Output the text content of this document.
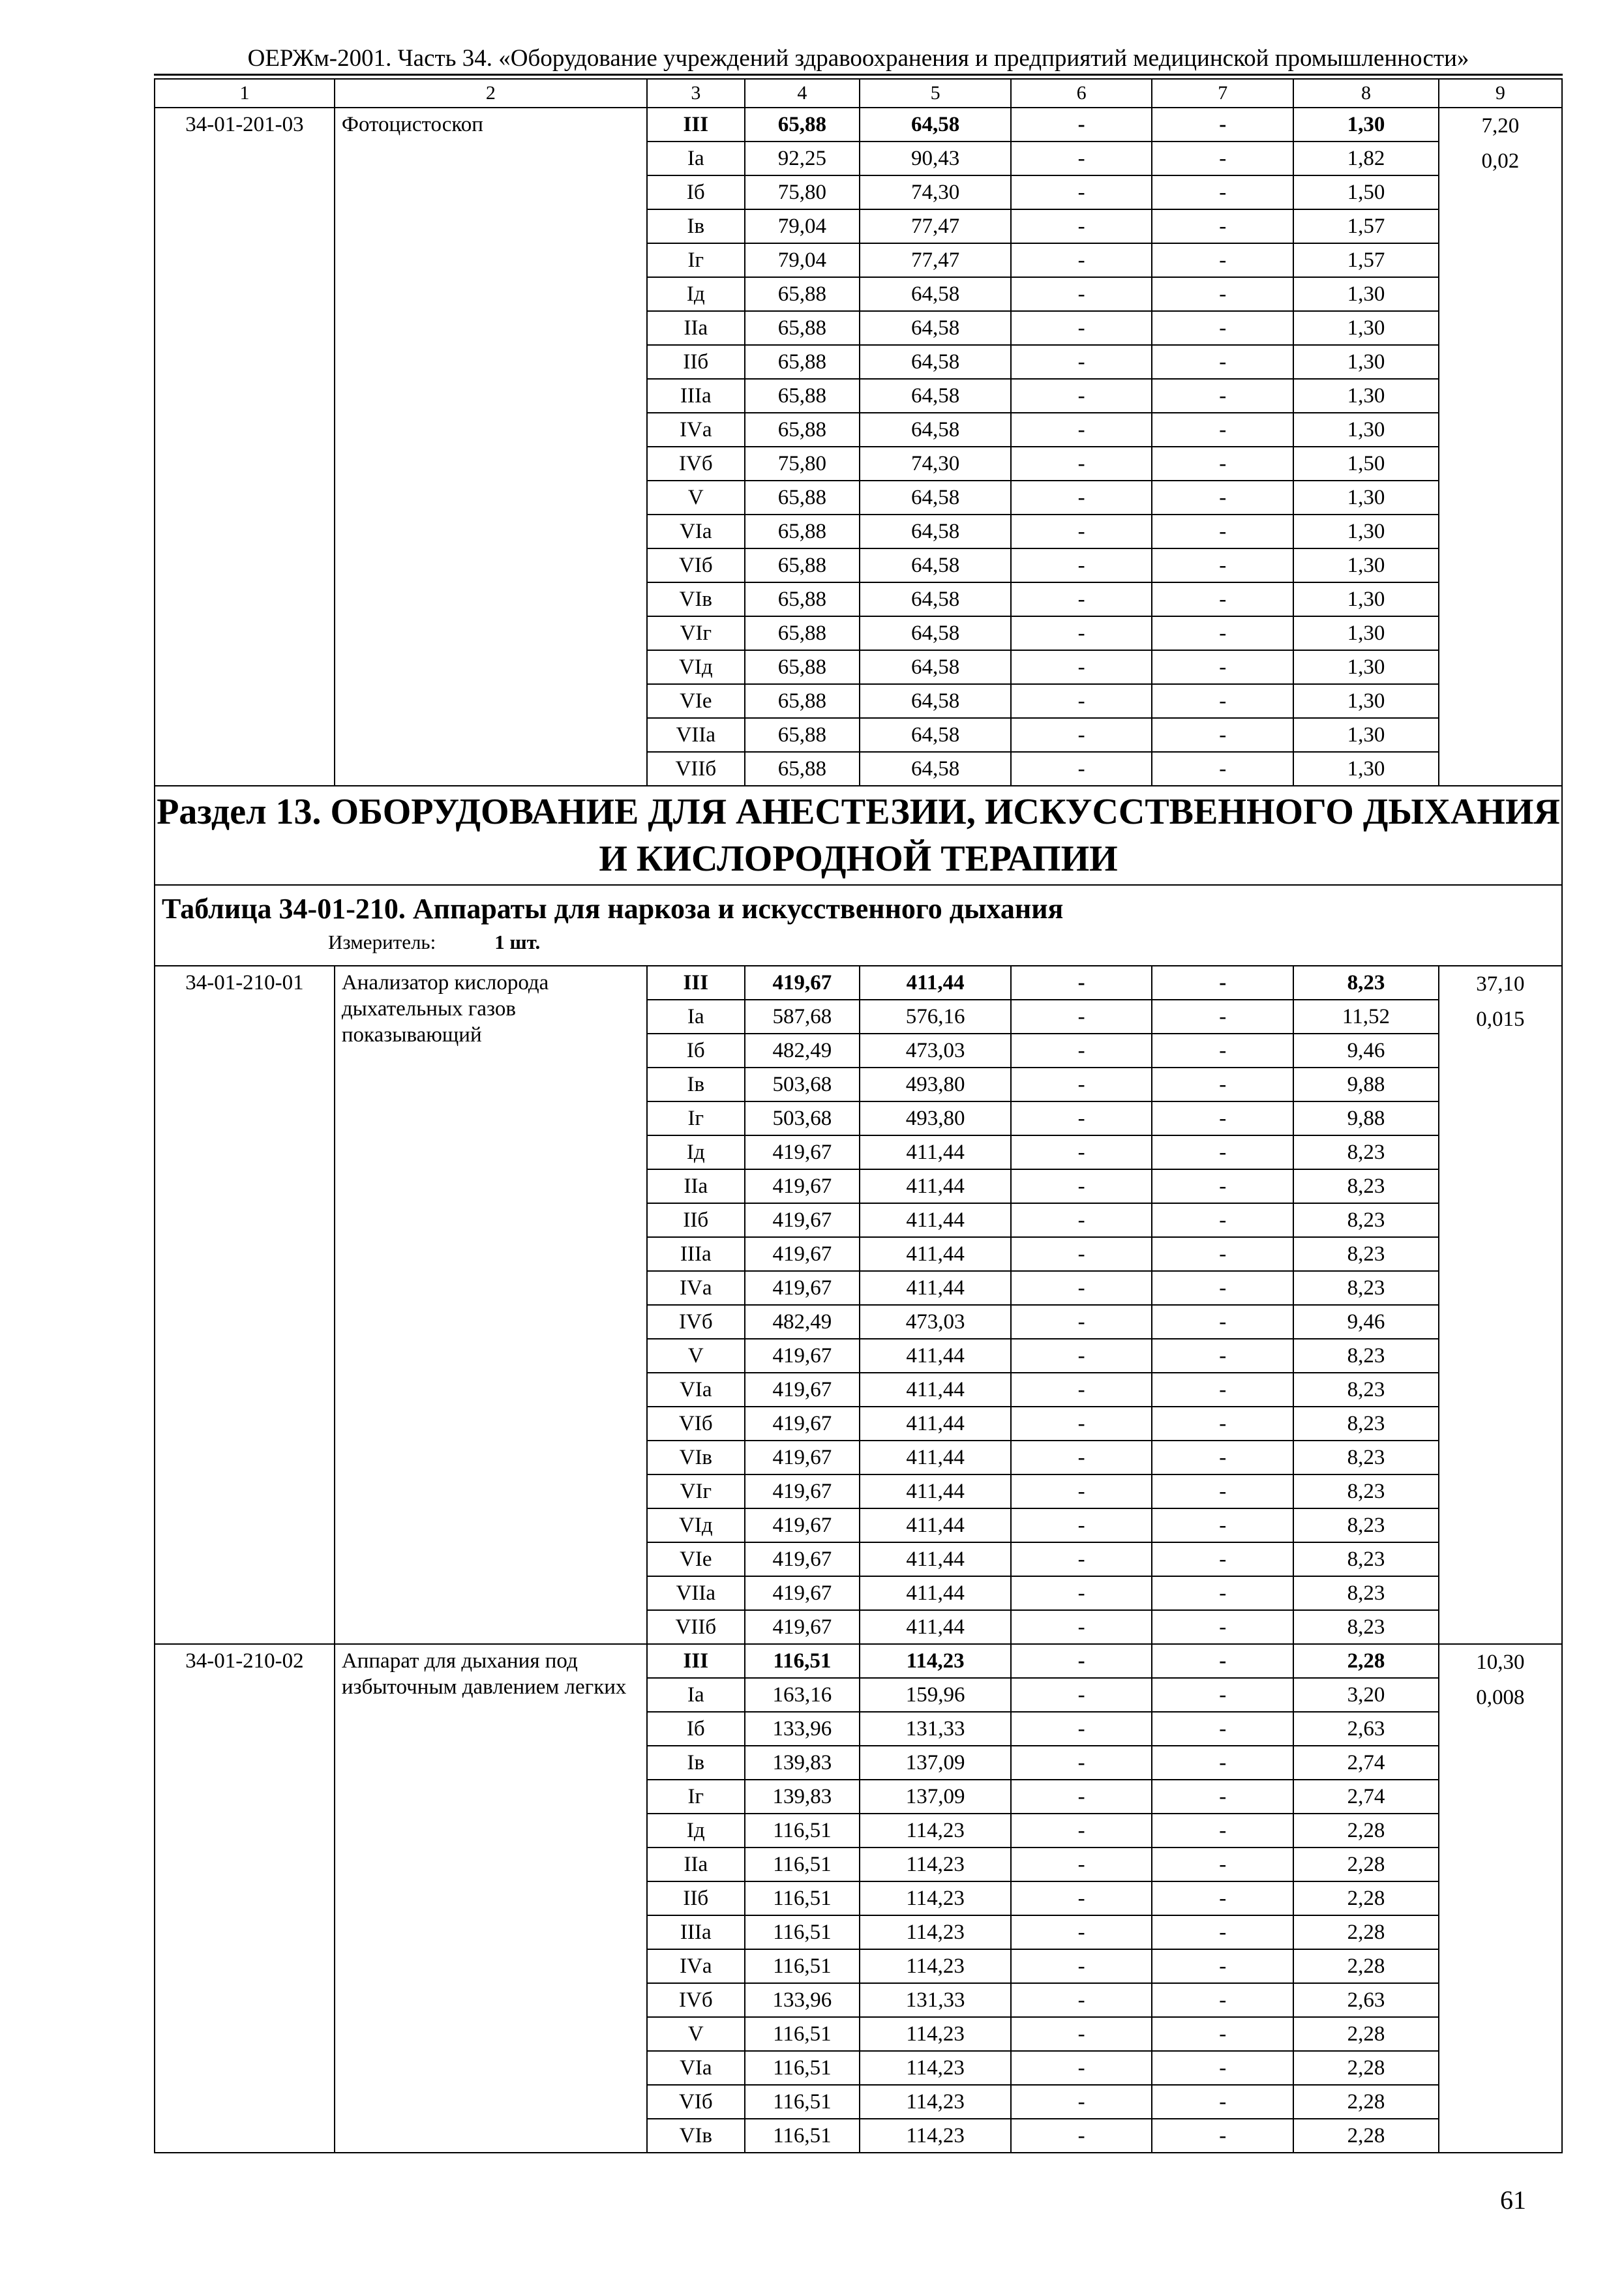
ОЕРЖм-2001. Часть 34. «Оборудование учреждений здравоохранения и предприятий медицинской промышленности»
1	2	3	4	5	6	7	8	9
34-01-201-03	Фотоцистоскоп	III	65,88	64,58	-	-	1,30	7,20
0,02

		Iа	92,25	90,43	-	-	1,82	
		Iб	75,80	74,30	-	-	1,50	
		Iв	79,04	77,47	-	-	1,57	
		Iг	79,04	77,47	-	-	1,57	
		Iд	65,88	64,58	-	-	1,30	
		IIа	65,88	64,58	-	-	1,30	
		IIб	65,88	64,58	-	-	1,30	
		IIIа	65,88	64,58	-	-	1,30	
		IVа	65,88	64,58	-	-	1,30	
		IVб	75,80	74,30	-	-	1,50	
		V	65,88	64,58	-	-	1,30	
		VIа	65,88	64,58	-	-	1,30	
		VIб	65,88	64,58	-	-	1,30	
		VIв	65,88	64,58	-	-	1,30	
		VIг	65,88	64,58	-	-	1,30	
		VIд	65,88	64,58	-	-	1,30	
		VIе	65,88	64,58	-	-	1,30	
		VIIа	65,88	64,58	-	-	1,30	
		VIIб	65,88	64,58	-	-	1,30	
Раздел 13. ОБОРУДОВАНИЕ ДЛЯ АНЕСТЕЗИИ, ИСКУССТВЕННОГО ДЫХАНИЯ И КИСЛОРОДНОЙ ТЕРАПИИ								

Таблица 34-01-210. Аппараты для наркоза и искусственного дыхания
Измеритель: 1 шт.								

34-01-210-01	Анализатор кислорода дыхательных газов показывающий	III	419,67	411,44	-	-	8,23	37,10
0,015

		Iа	587,68	576,16	-	-	11,52	
		Iб	482,49	473,03	-	-	9,46	
		Iв	503,68	493,80	-	-	9,88	
		Iг	503,68	493,80	-	-	9,88	
		Iд	419,67	411,44	-	-	8,23	
		IIа	419,67	411,44	-	-	8,23	
		IIб	419,67	411,44	-	-	8,23	
		IIIа	419,67	411,44	-	-	8,23	
		IVа	419,67	411,44	-	-	8,23	
		IVб	482,49	473,03	-	-	9,46	
		V	419,67	411,44	-	-	8,23	
		VIа	419,67	411,44	-	-	8,23	
		VIб	419,67	411,44	-	-	8,23	
		VIв	419,67	411,44	-	-	8,23	
		VIг	419,67	411,44	-	-	8,23	
		VIд	419,67	411,44	-	-	8,23	
		VIе	419,67	411,44	-	-	8,23	
		VIIа	419,67	411,44	-	-	8,23	
		VIIб	419,67	411,44	-	-	8,23	
34-01-210-02	Аппарат для дыхания под избыточным давлением легких	III	116,51	114,23	-	-	2,28	10,30
0,008

		Iа	163,16	159,96	-	-	3,20	
		Iб	133,96	131,33	-	-	2,63	
		Iв	139,83	137,09	-	-	2,74	
		Iг	139,83	137,09	-	-	2,74	
		Iд	116,51	114,23	-	-	2,28	
		IIа	116,51	114,23	-	-	2,28	
		IIб	116,51	114,23	-	-	2,28	
		IIIа	116,51	114,23	-	-	2,28	
		IVа	116,51	114,23	-	-	2,28	
		IVб	133,96	131,33	-	-	2,63	
		V	116,51	114,23	-	-	2,28	
		VIа	116,51	114,23	-	-	2,28	
		VIб	116,51	114,23	-	-	2,28	
		VIв	116,51	114,23	-	-	2,28	
61
